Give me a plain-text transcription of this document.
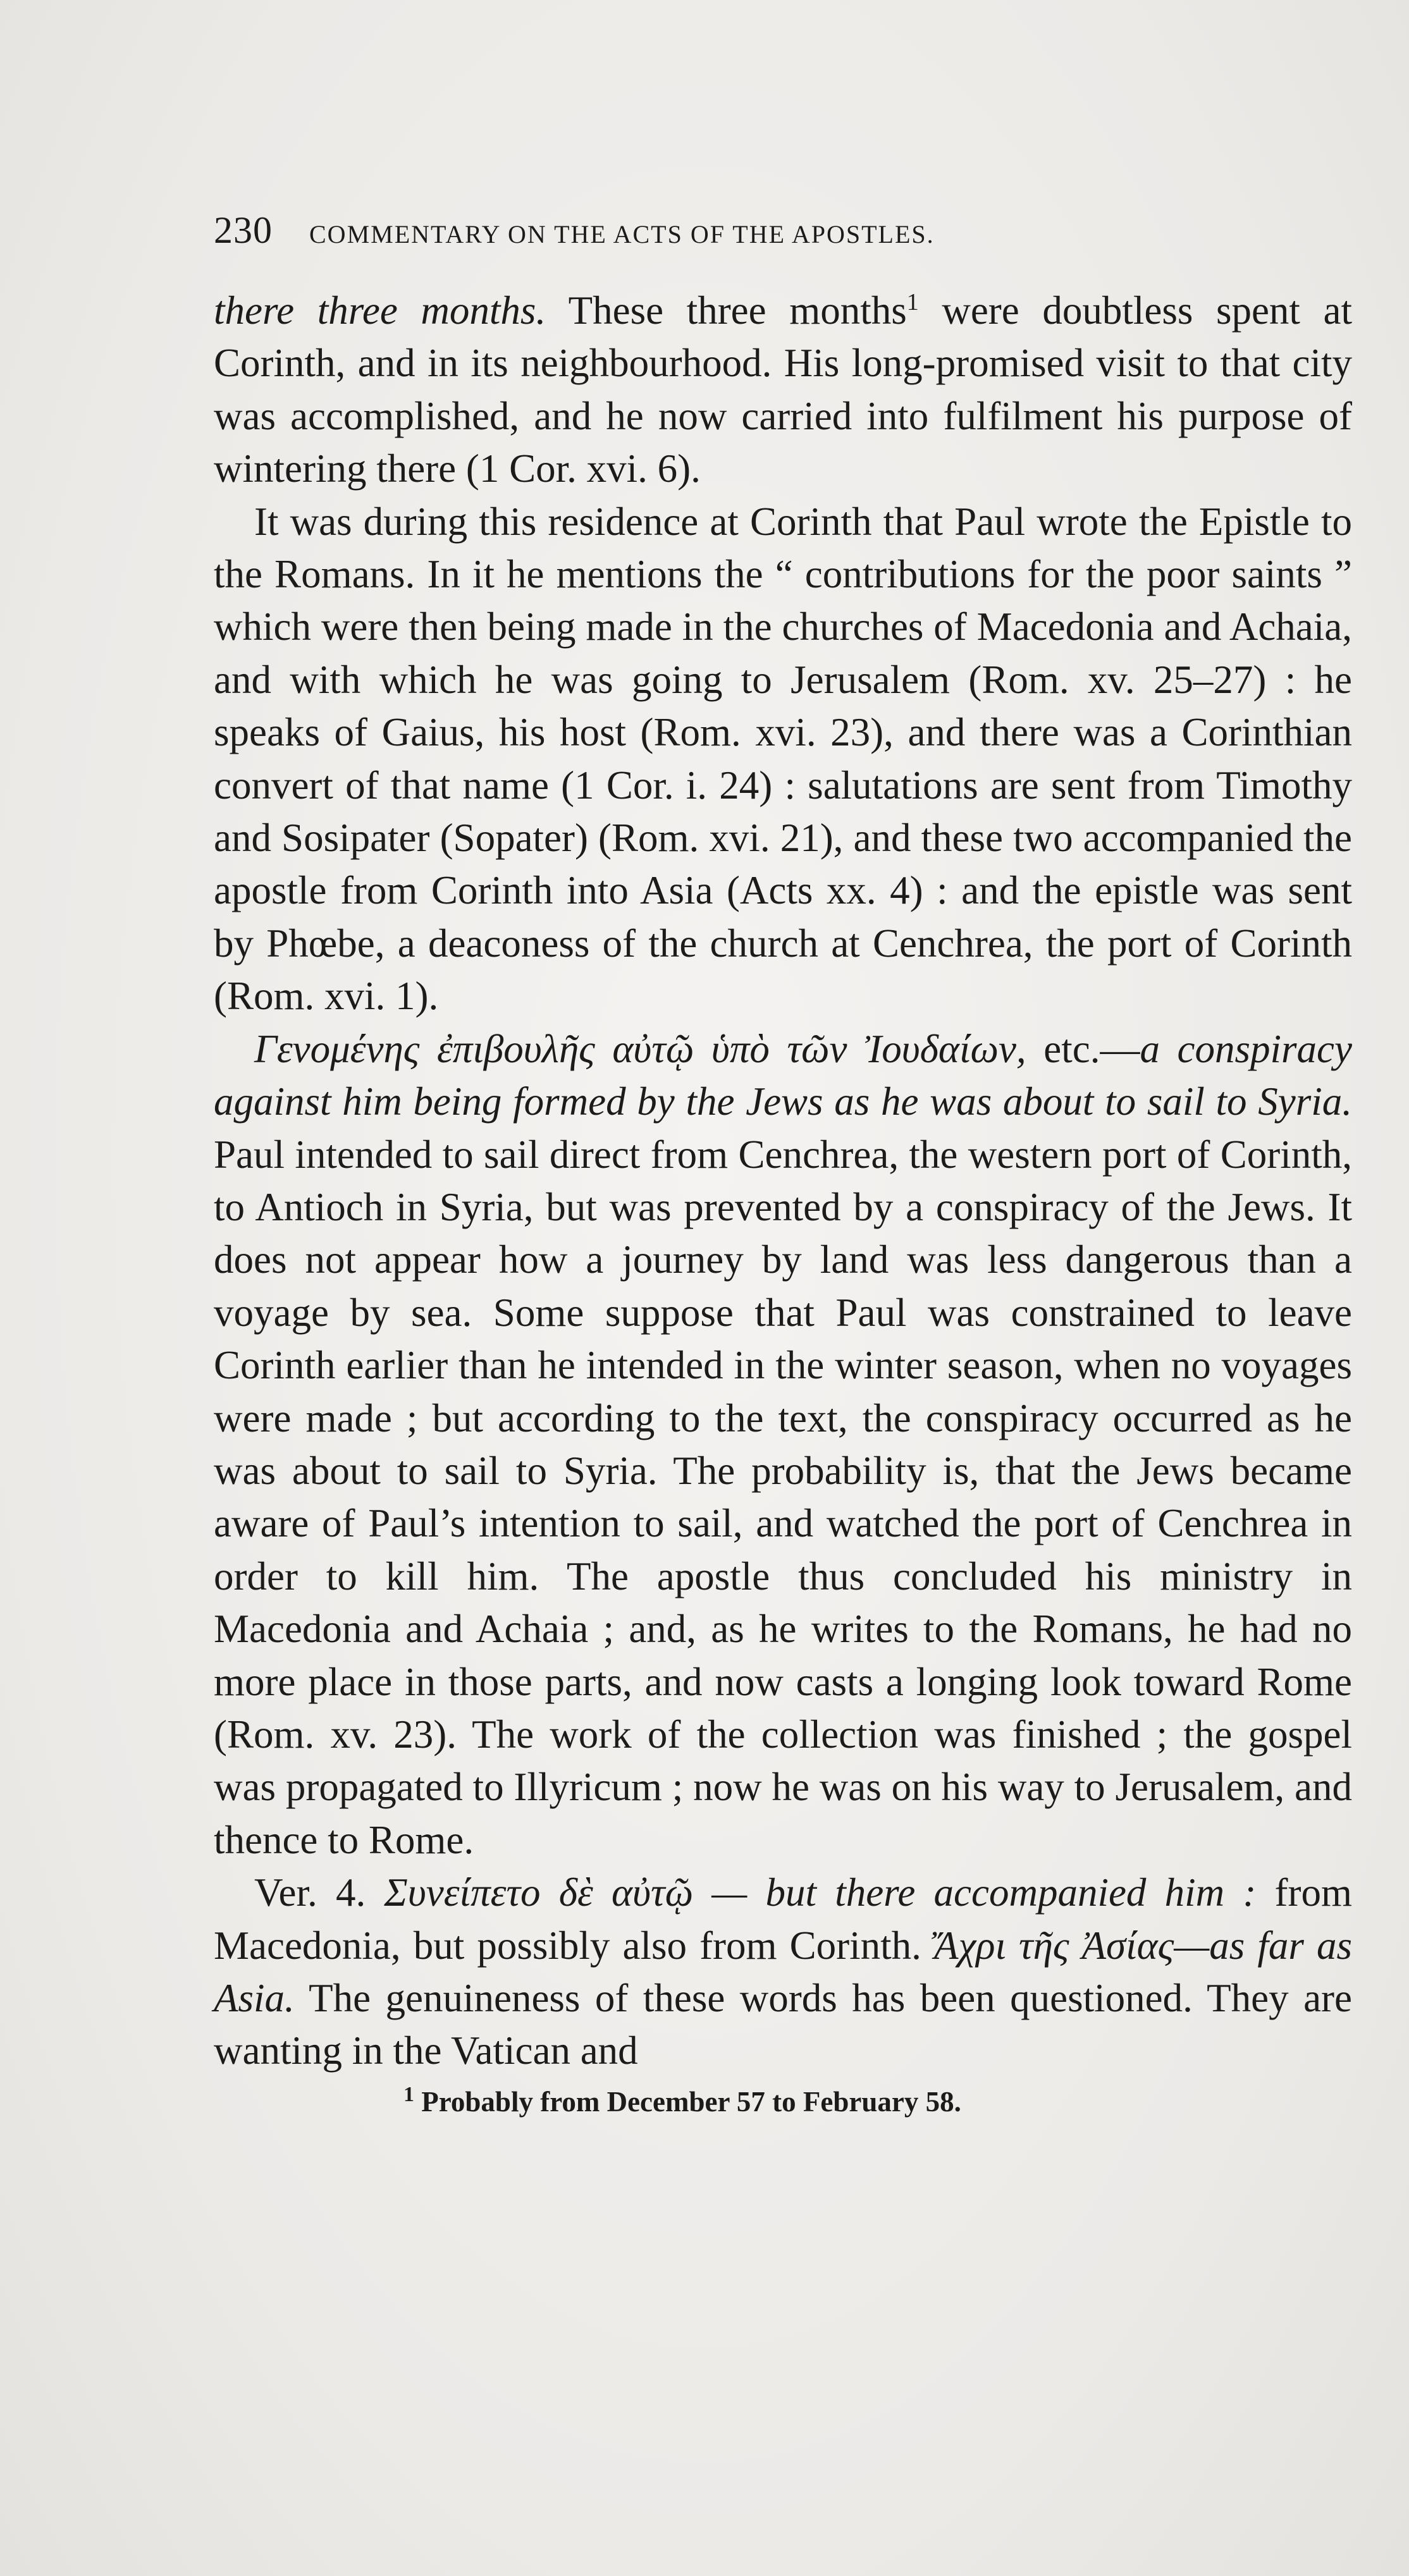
230 COMMENTARY ON THE ACTS OF THE APOSTLES.

there three months. These three months$^1$ were doubtless spent at Corinth, and in its neighbourhood. His long-promised visit to that city was accomplished, and he now carried into fulfilment his purpose of wintering there (1 Cor. xvi. 6).

It was during this residence at Corinth that Paul wrote the Epistle to the Romans. In it he mentions the “ contributions for the poor saints ” which were then being made in the churches of Macedonia and Achaia, and with which he was going to Jerusalem (Rom. xv. 25–27) : he speaks of Gaius, his host (Rom. xvi. 23), and there was a Corinthian convert of that name (1 Cor. i. 24) : salutations are sent from Timothy and Sosipater (Sopater) (Rom. xvi. 21), and these two accompanied the apostle from Corinth into Asia (Acts xx. 4) : and the epistle was sent by Phœbe, a deaconess of the church at Cenchrea, the port of Corinth (Rom. xvi. 1).

Γενομένης ἐπιβουλῆς αὐτῷ ὑπὸ τῶν Ἰουδαίων, etc.—a conspiracy against him being formed by the Jews as he was about to sail to Syria. Paul intended to sail direct from Cenchrea, the western port of Corinth, to Antioch in Syria, but was prevented by a conspiracy of the Jews. It does not appear how a journey by land was less dangerous than a voyage by sea. Some suppose that Paul was constrained to leave Corinth earlier than he intended in the winter season, when no voyages were made ; but according to the text, the conspiracy occurred as he was about to sail to Syria. The probability is, that the Jews became aware of Paul’s intention to sail, and watched the port of Cenchrea in order to kill him. The apostle thus concluded his ministry in Macedonia and Achaia ; and, as he writes to the Romans, he had no more place in those parts, and now casts a longing look toward Rome (Rom. xv. 23). The work of the collection was finished ; the gospel was propagated to Illyricum ; now he was on his way to Jerusalem, and thence to Rome.

Ver. 4. Συνείπετο δὲ αὐτῷ — but there accompanied him : from Macedonia, but possibly also from Corinth. Ἄχρι τῆς Ἀσίας—as far as Asia. The genuineness of these words has been questioned. They are wanting in the Vatican and

$^1$ Probably from December 57 to February 58.
